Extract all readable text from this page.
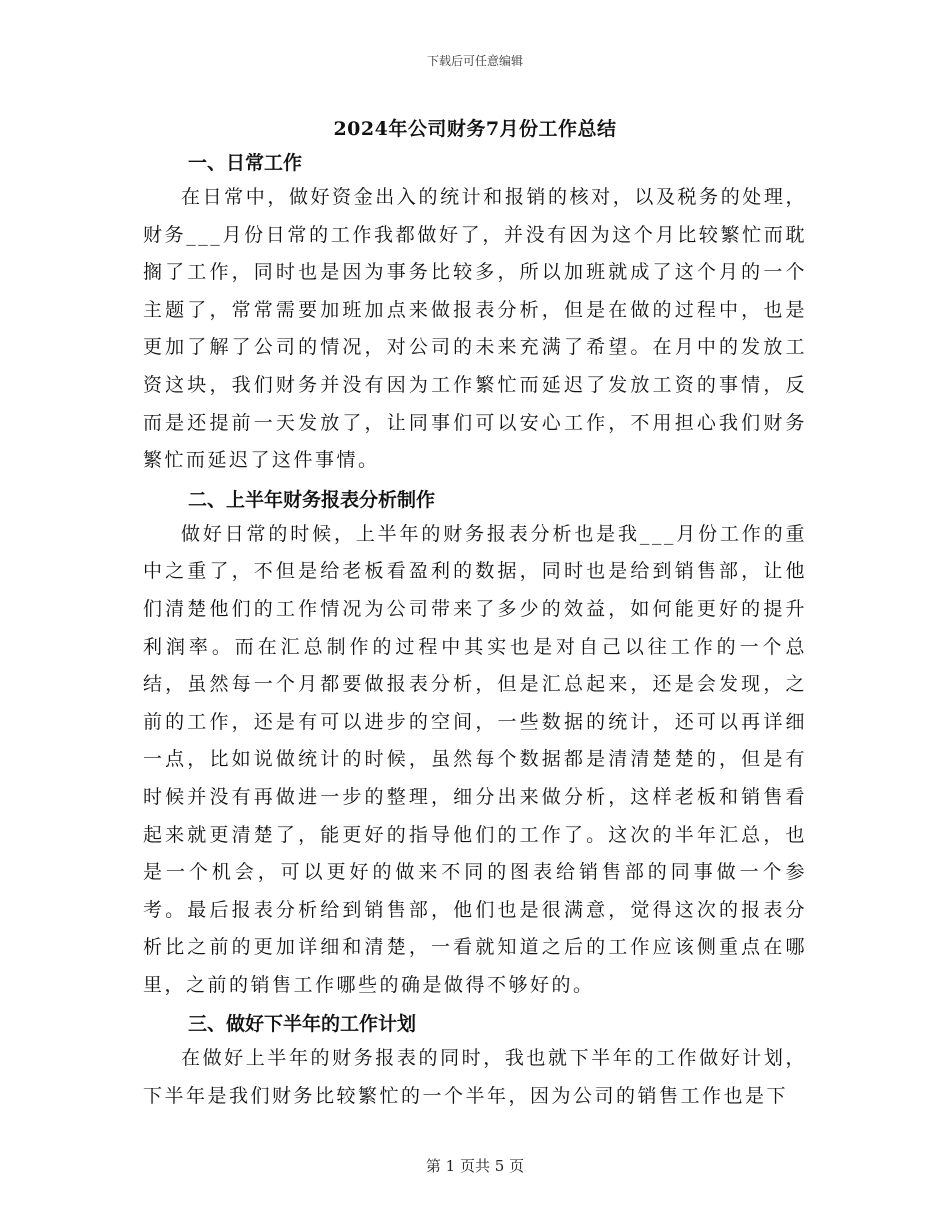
下载后可任意编辑
2024年公司财务7月份工作总结

一、日常工作

在日常中，做好资金出入的统计和报销的核对，以及税务的处理，财务___月份日常的工作我都做好了，并没有因为这个月比较繁忙而耽搁了工作，同时也是因为事务比较多，所以加班就成了这个月的一个主题了，常常需要加班加点来做报表分析，但是在做的过程中，也是更加了解了公司的情况，对公司的未来充满了希望。在月中的发放工资这块，我们财务并没有因为工作繁忙而延迟了发放工资的事情，反而是还提前一天发放了，让同事们可以安心工作，不用担心我们财务繁忙而延迟了这件事情。

二、上半年财务报表分析制作

做好日常的时候，上半年的财务报表分析也是我___月份工作的重中之重了，不但是给老板看盈利的数据，同时也是给到销售部，让他们清楚他们的工作情况为公司带来了多少的效益，如何能更好的提升利润率。而在汇总制作的过程中其实也是对自己以往工作的一个总结，虽然每一个月都要做报表分析，但是汇总起来，还是会发现，之前的工作，还是有可以进步的空间，一些数据的统计，还可以再详细一点，比如说做统计的时候，虽然每个数据都是清清楚楚的，但是有时候并没有再做进一步的整理，细分出来做分析，这样老板和销售看起来就更清楚了，能更好的指导他们的工作了。这次的半年汇总，也是一个机会，可以更好的做来不同的图表给销售部的同事做一个参考。最后报表分析给到销售部，他们也是很满意，觉得这次的报表分析比之前的更加详细和清楚，一看就知道之后的工作应该侧重点在哪里，之前的销售工作哪些的确是做得不够好的。

三、做好下半年的工作计划

在做好上半年的财务报表的同时，我也就下半年的工作做好计划，下半年是我们财务比较繁忙的一个半年，因为公司的销售工作也是下

第 1 页共 5 页
